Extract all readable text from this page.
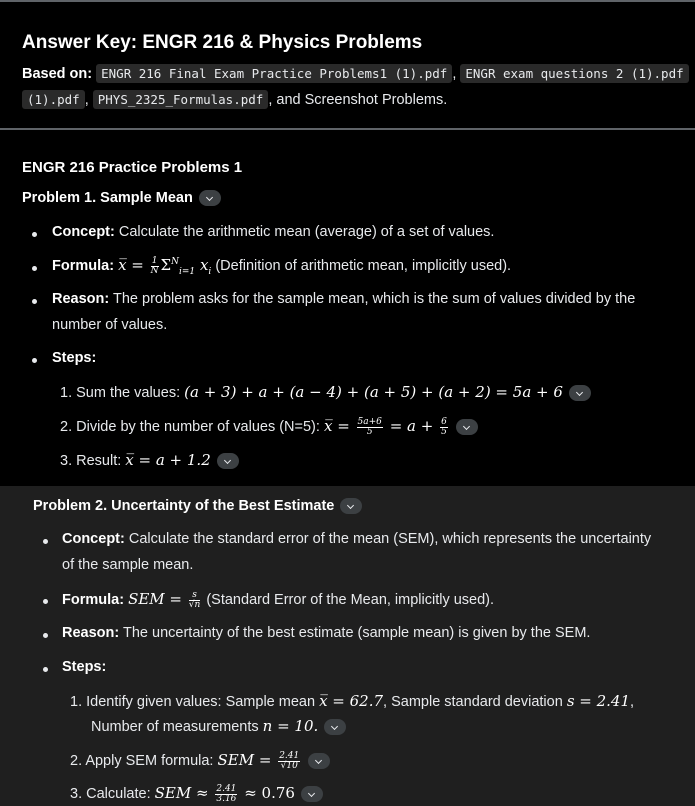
Answer Key: ENGR 216 & Physics Problems
Based on: ENGR 216 Final Exam Practice Problems1 (1).pdf , ENGR exam questions 2 (1).pdf
(1).pdf , PHYS_2325_Formulas.pdf , and Screenshot Problems.
ENGR 216 Practice Problems 1
Problem 1. Sample Mean
Concept: Calculate the arithmetic mean (average) of a set of values.
Formula: x̅ = $\frac{1}{N} \Sigma^N_{i=1}$ $x_i$ (Definition of arithmetic mean, implicitly used).
Reason: The problem asks for the sample mean, which is the sum of values divided by the
number of values.
Steps:
1. Sum the values: (a + 3) + a + (a − 4) + (a + 5) + (a + 2) = 5a + 6
2. Divide by the number of values (N=5): x̅ = $\frac{5a+6}{5} = a + \frac{6}{5}$
3. Result: x̅ = a + 1.2
Problem 2. Uncertainty of the Best Estimate
Concept: Calculate the standard error of the mean (SEM), which represents the uncertainty
of the sample mean.
Formula: SEM = $\frac{s}{√n}$ (Standard Error of the Mean, implicitly used).
Reason: The uncertainty of the best estimate (sample mean) is given by the SEM.
Steps:
1. Identify given values: Sample mean x̅ = 62.7, Sample standard deviation s = 2.41,
Number of measurements n = 10.
2. Apply SEM formula: SEM = $\frac{2.41}{√10}$
3. Calculate: SEM ≈ $\frac{2.41}{3.16} \approx 0.76$
